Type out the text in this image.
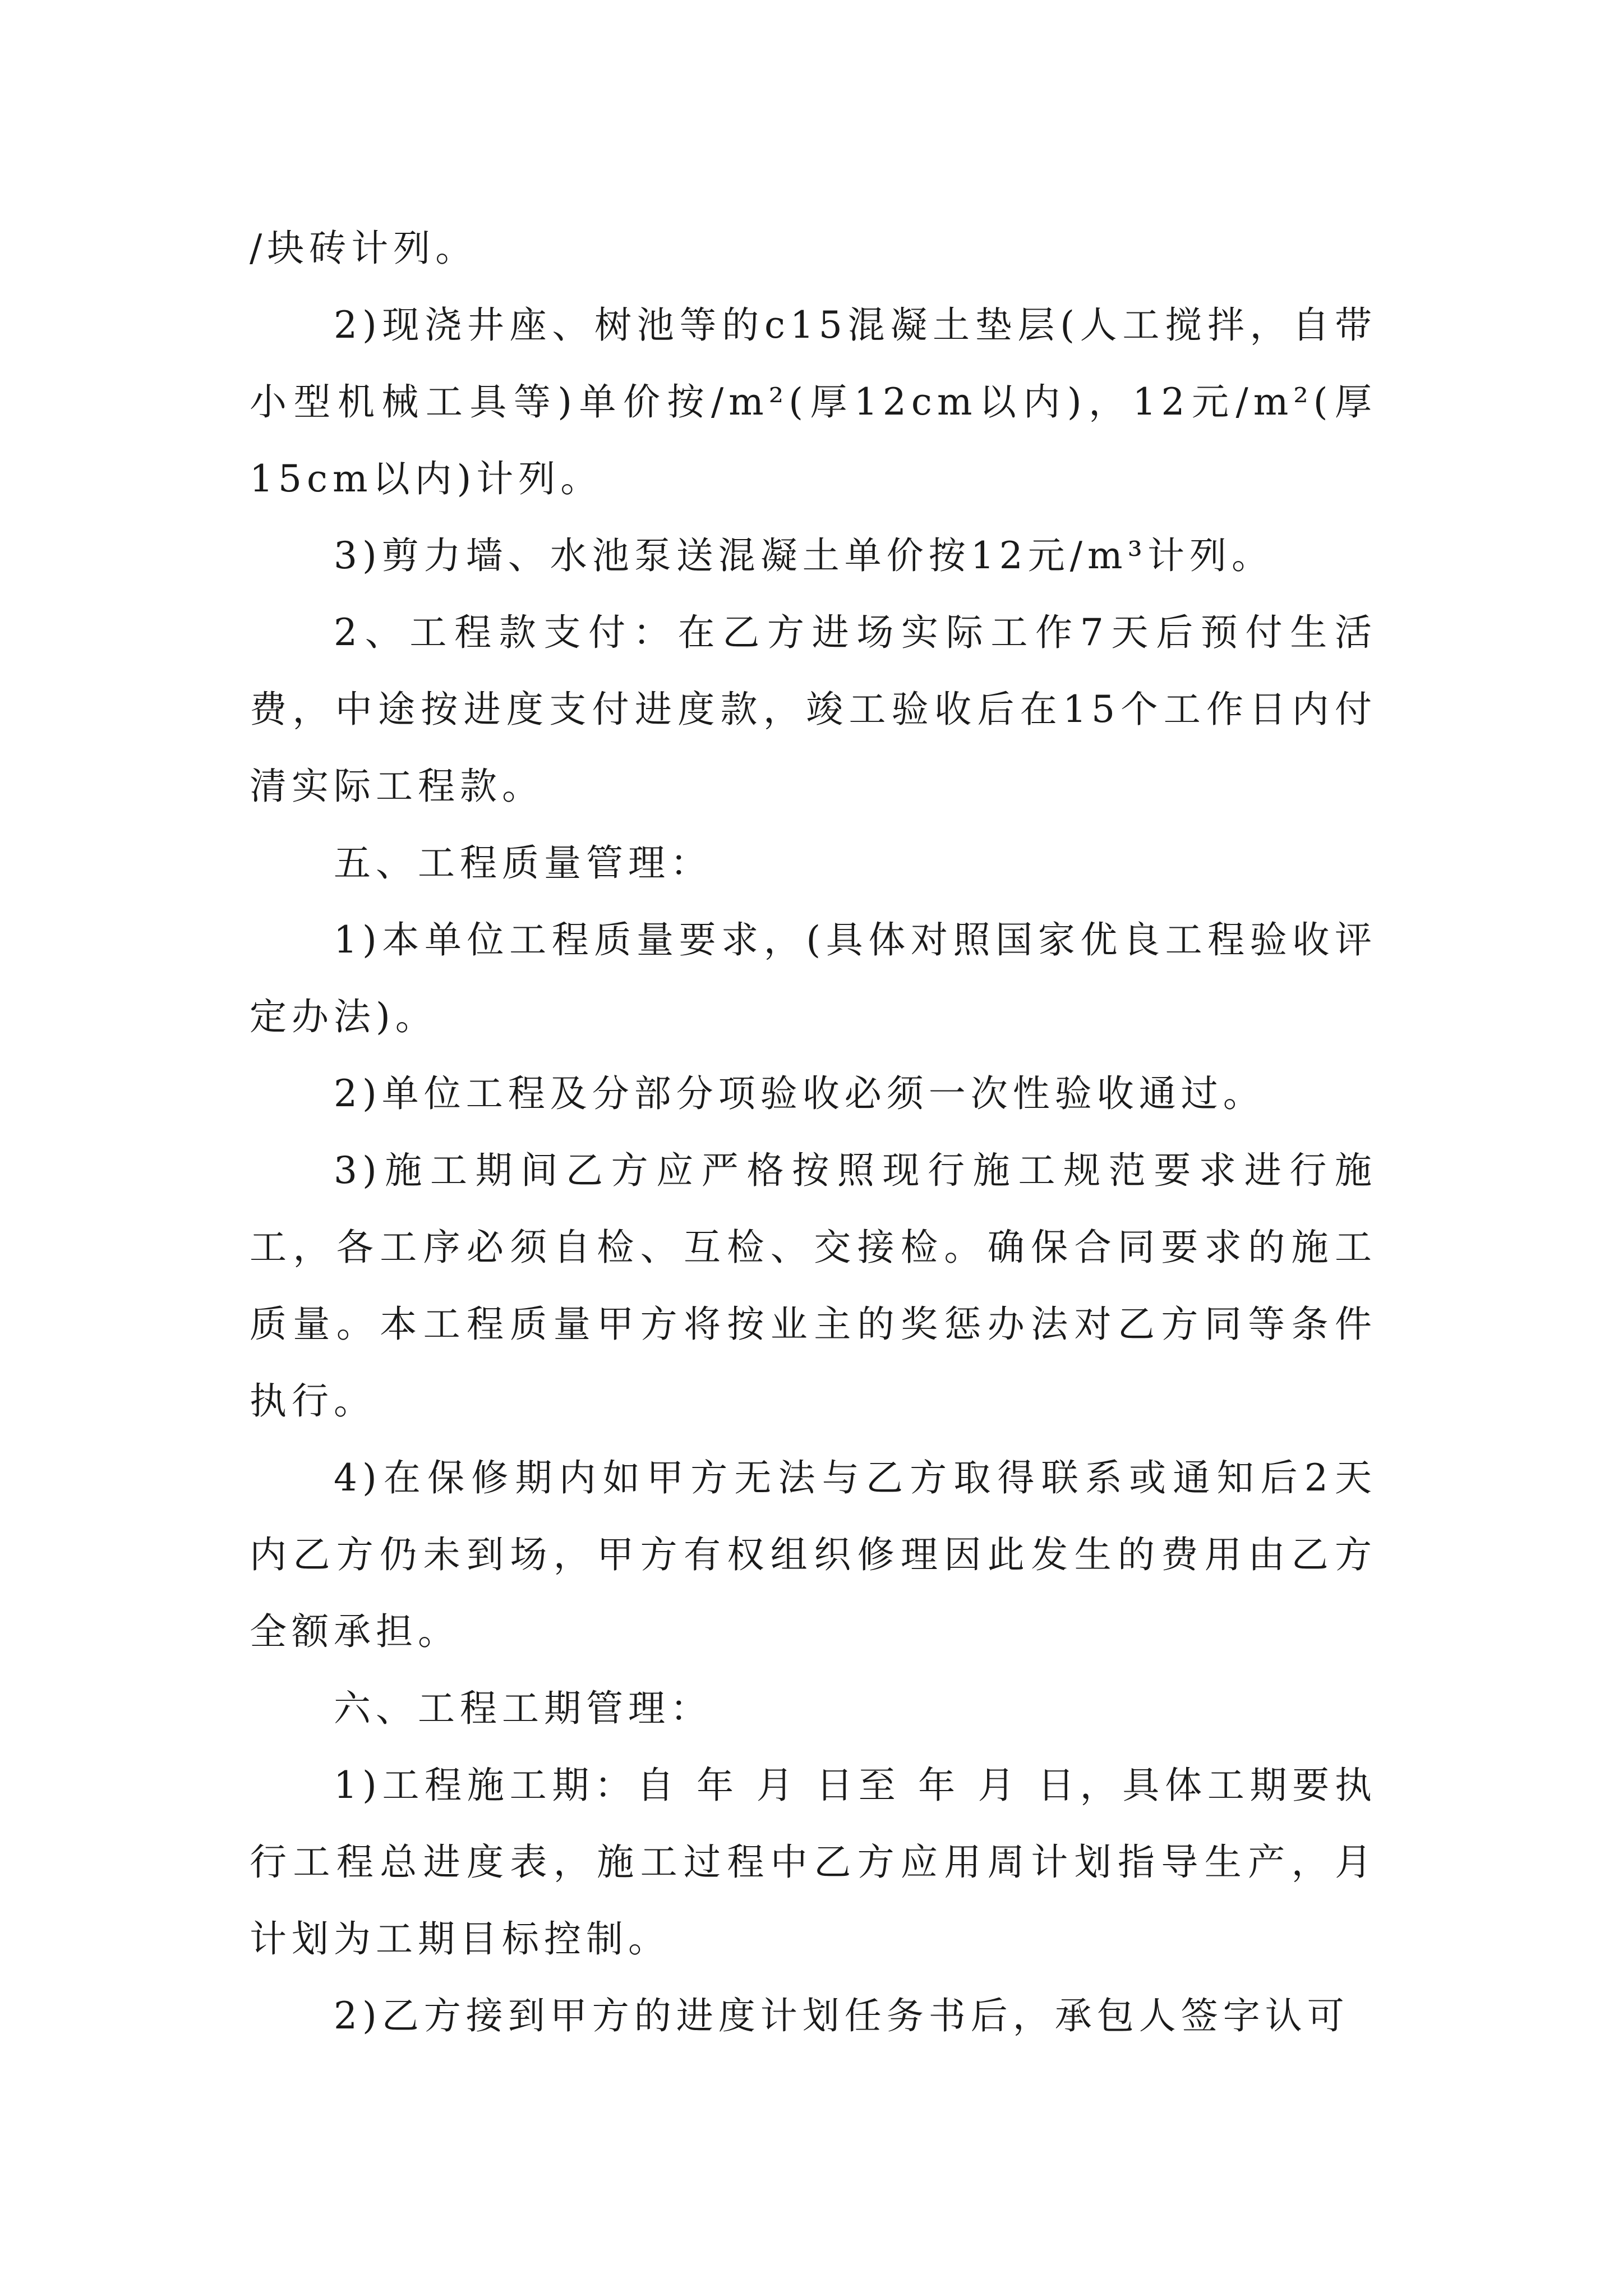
/块砖计列。

2)现浇井座、树池等的c15混凝土垫层(人工搅拌，自带小型机械工具等)单价按/m²(厚12cm以内)，12元/m²(厚15cm以内)计列。

3)剪力墙、水池泵送混凝土单价按12元/m³计列。

2、工程款支付：在乙方进场实际工作7天后预付生活费，中途按进度支付进度款，竣工验收后在15个工作日内付清实际工程款。

五、工程质量管理：

1)本单位工程质量要求，(具体对照国家优良工程验收评定办法)。

2)单位工程及分部分项验收必须一次性验收通过。

3)施工期间乙方应严格按照现行施工规范要求进行施工，各工序必须自检、互检、交接检。确保合同要求的施工质量。本工程质量甲方将按业主的奖惩办法对乙方同等条件执行。

4)在保修期内如甲方无法与乙方取得联系或通知后2天内乙方仍未到场，甲方有权组织修理因此发生的费用由乙方全额承担。

六、工程工期管理：

1)工程施工期：自 年 月 日至 年 月 日，具体工期要执行工程总进度表，施工过程中乙方应用周计划指导生产，月计划为工期目标控制。

2)乙方接到甲方的进度计划任务书后，承包人签字认可
